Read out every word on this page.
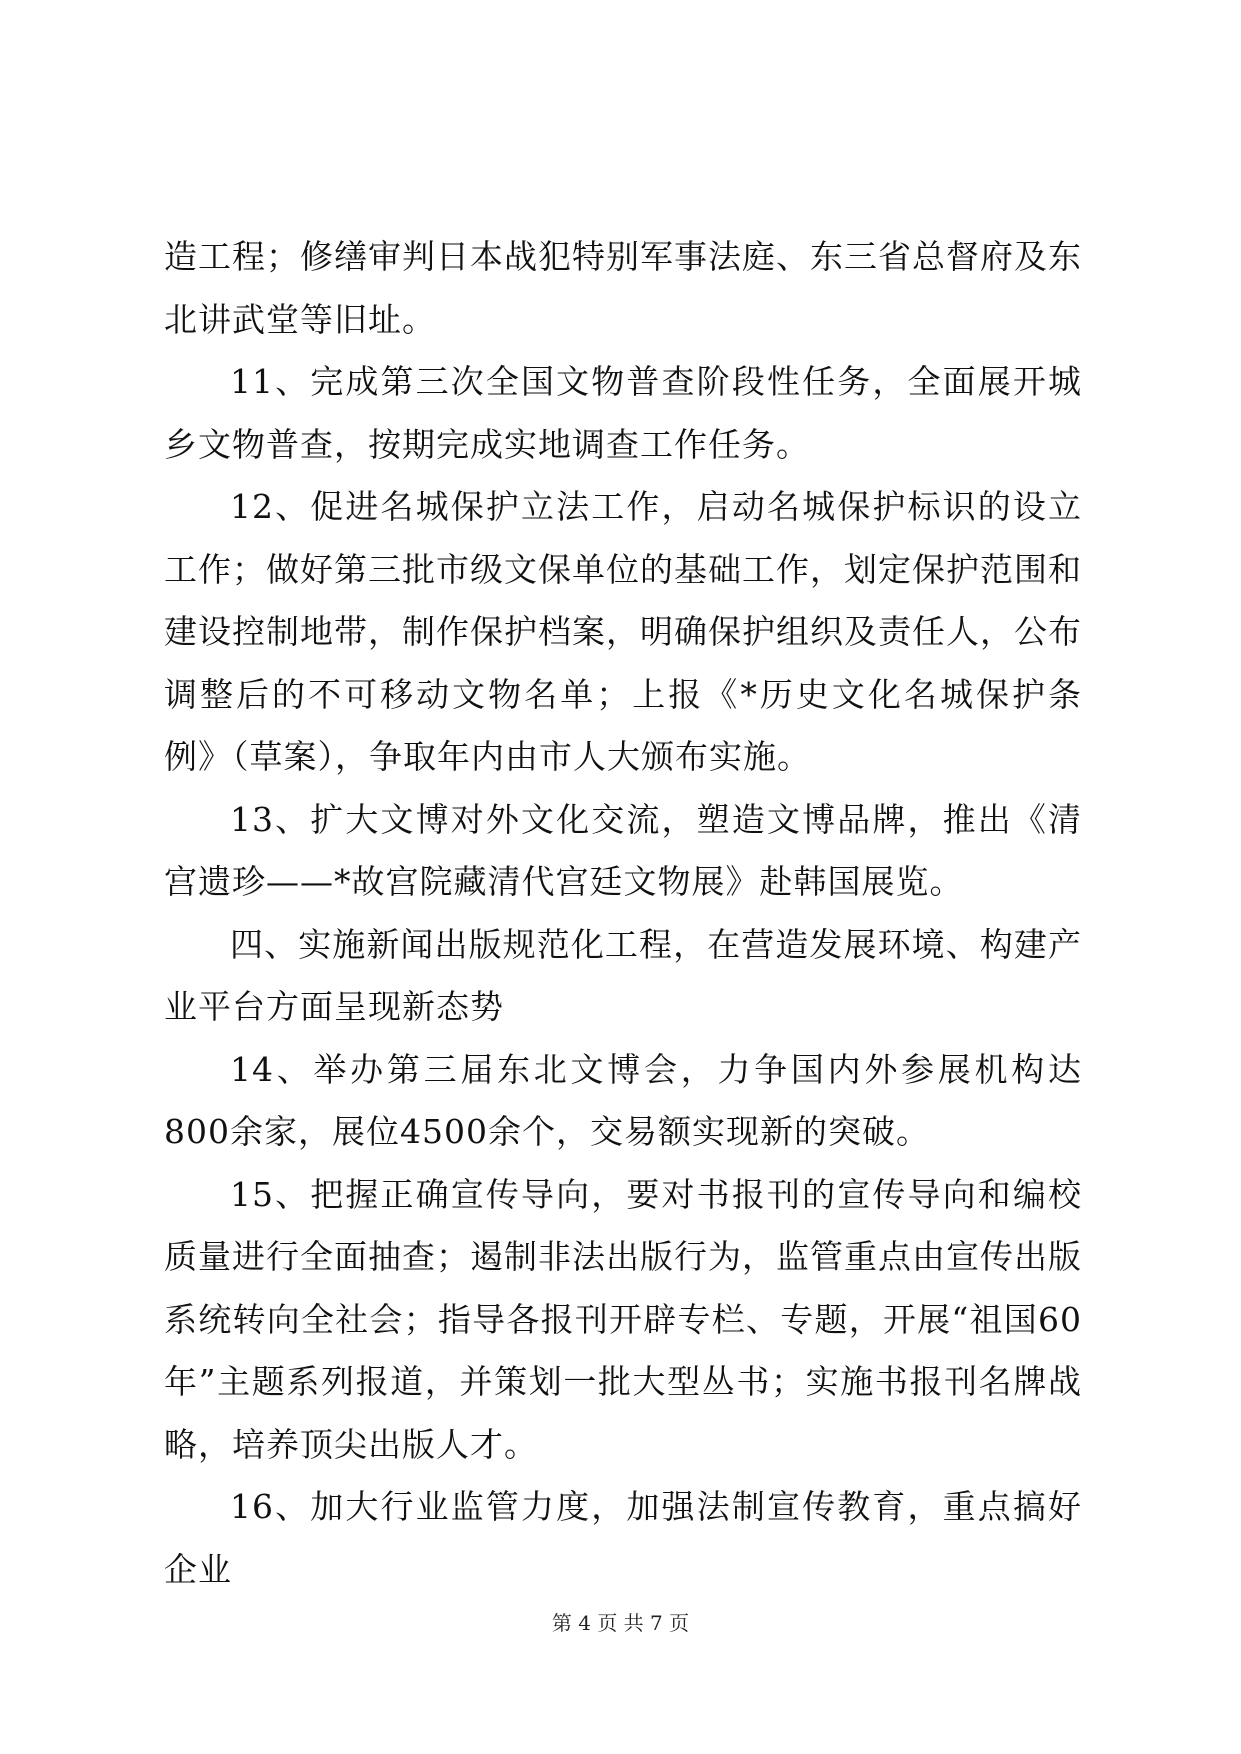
造工程；修缮审判日本战犯特别军事法庭、东三省总督府及东北讲武堂等旧址。

11、完成第三次全国文物普查阶段性任务，全面展开城乡文物普查，按期完成实地调查工作任务。

12、促进名城保护立法工作，启动名城保护标识的设立工作；做好第三批市级文保单位的基础工作，划定保护范围和建设控制地带，制作保护档案，明确保护组织及责任人，公布调整后的不可移动文物名单；上报《*历史文化名城保护条例》（草案），争取年内由市人大颁布实施。

13、扩大文博对外文化交流，塑造文博品牌，推出《清宫遗珍——*故宫院藏清代宫廷文物展》赴韩国展览。

四、实施新闻出版规范化工程，在营造发展环境、构建产业平台方面呈现新态势

14、举办第三届东北文博会，力争国内外参展机构达800余家，展位4500余个，交易额实现新的突破。

15、把握正确宣传导向，要对书报刊的宣传导向和编校质量进行全面抽查；遏制非法出版行为，监管重点由宣传出版系统转向全社会；指导各报刊开辟专栏、专题，开展“祖国60年”主题系列报道，并策划一批大型丛书；实施书报刊名牌战略，培养顶尖出版人才。

16、加大行业监管力度，加强法制宣传教育，重点搞好企业

第 4 页 共 7 页
